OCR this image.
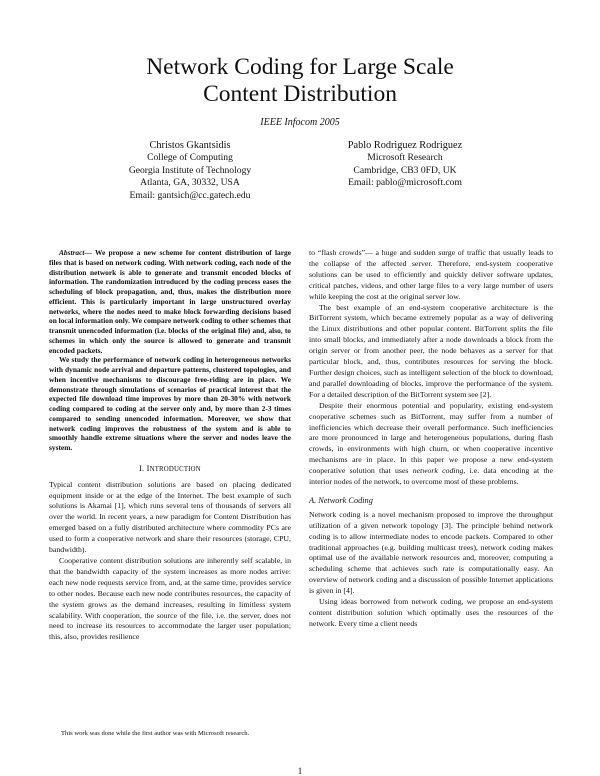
Network Coding for Large Scale
Content Distribution
IEEE Infocom 2005
Christos Gkantsidis
College of Computing
Georgia Institute of Technology
Atlanta, GA, 30332, USA
Email: gantsich@cc.gatech.edu
Pablo Rodriguez Rodriguez
Microsoft Research
Cambridge, CB3 0FD, UK
Email: pablo@microsoft.com

Abstract— We propose a new scheme for content distribution of large files that is based on network coding. With network coding, each node of the distribution network is able to generate and transmit encoded blocks of information. The randomization introduced by the coding process eases the scheduling of block propagation, and, thus, makes the distribution more efficient. This is particularly important in large unstructured overlay networks, where the nodes need to make block forwarding decisions based on local information only. We compare network coding to other schemes that transmit unencoded information (i.e. blocks of the original file) and, also, to schemes in which only the source is allowed to generate and transmit encoded packets.

We study the performance of network coding in heterogeneous networks with dynamic node arrival and departure patterns, clustered topologies, and when incentive mechanisms to discourage free-riding are in place. We demonstrate through simulations of scenarios of practical interest that the expected file download time improves by more than 20-30% with network coding compared to coding at the server only and, by more than 2-3 times compared to sending unencoded information. Moreover, we show that network coding improves the robustness of the system and is able to smoothly handle extreme situations where the server and nodes leave the system.

I. INTRODUCTION

Typical content distribution solutions are based on placing dedicated equipment inside or at the edge of the Internet. The best example of such solutions is Akamai [1], which runs several tens of thousands of servers all over the world. In recent years, a new paradigm for Content Distribution has emerged based on a fully distributed architecture where commodity PCs are used to form a cooperative network and share their resources (storage, CPU, bandwidth).

Cooperative content distribution solutions are inherently self scalable, in that the bandwidth capacity of the system increases as more nodes arrive: each new node requests service from, and, at the same time, provides service to other nodes. Because each new node contributes resources, the capacity of the system grows as the demand increases, resulting in limitless system scalability. With cooperation, the source of the file, i.e. the server, does not need to increase its resources to accommodate the larger user population; this, also, provides resilience

to “flash crowds”— a huge and sudden surge of traffic that usually leads to the collapse of the affected server. Therefore, end-system cooperative solutions can be used to efficiently and quickly deliver software updates, critical patches, videos, and other large files to a very large number of users while keeping the cost at the original server low.

The best example of an end-system cooperative architecture is the BitTorrent system, which became extremely popular as a way of delivering the Linux distributions and other popular content. BitTorrent splits the file into small blocks, and immediately after a node downloads a block from the origin server or from another peer, the node behaves as a server for that particular block, and, thus, contributes resources for serving the block. Further design choices, such as intelligent selection of the block to download, and parallel downloading of blocks, improve the performance of the system. For a detailed description of the BitTorrent system see [2].

Despite their enormous potential and popularity, existing end-system cooperative schemes such as BitTorrent, may suffer from a number of inefficiencies which decrease their overall performance. Such inefficiencies are more pronounced in large and heterogeneous populations, during flash crowds, in environments with high churn, or when cooperative incentive mechanisms are in place. In this paper we propose a new end-system cooperative solution that uses network coding, i.e. data encoding at the interior nodes of the network, to overcome most of these problems.

A. Network Coding

Network coding is a novel mechanism proposed to improve the throughput utilization of a given network topology [3]. The principle behind network coding is to allow intermediate nodes to encode packets. Compared to other traditional approaches (e.g. building multicast trees), network coding makes optimal use of the available network resources and, moreover, computing a scheduling scheme that achieves such rate is computationally easy. An overview of network coding and a discussion of possible Internet applications is given in [4].

Using ideas borrowed from network coding, we propose an end-system content distribution solution which optimally uses the resources of the network. Every time a client needs

This work was done while the first author was with Microsoft research.
1
